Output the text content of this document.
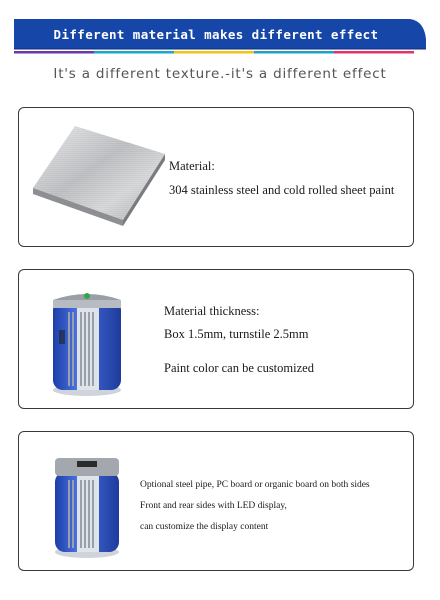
Different material makes different effect
It's a different texture.-it's a different effect
Material:
304 stainless steel and cold rolled sheet paint
Material thickness:
Box 1.5mm, turnstile 2.5mm
Paint color can be customized
Optional steel pipe, PC board or organic board on both sides
Front and rear sides with LED display,
can customize the display content
